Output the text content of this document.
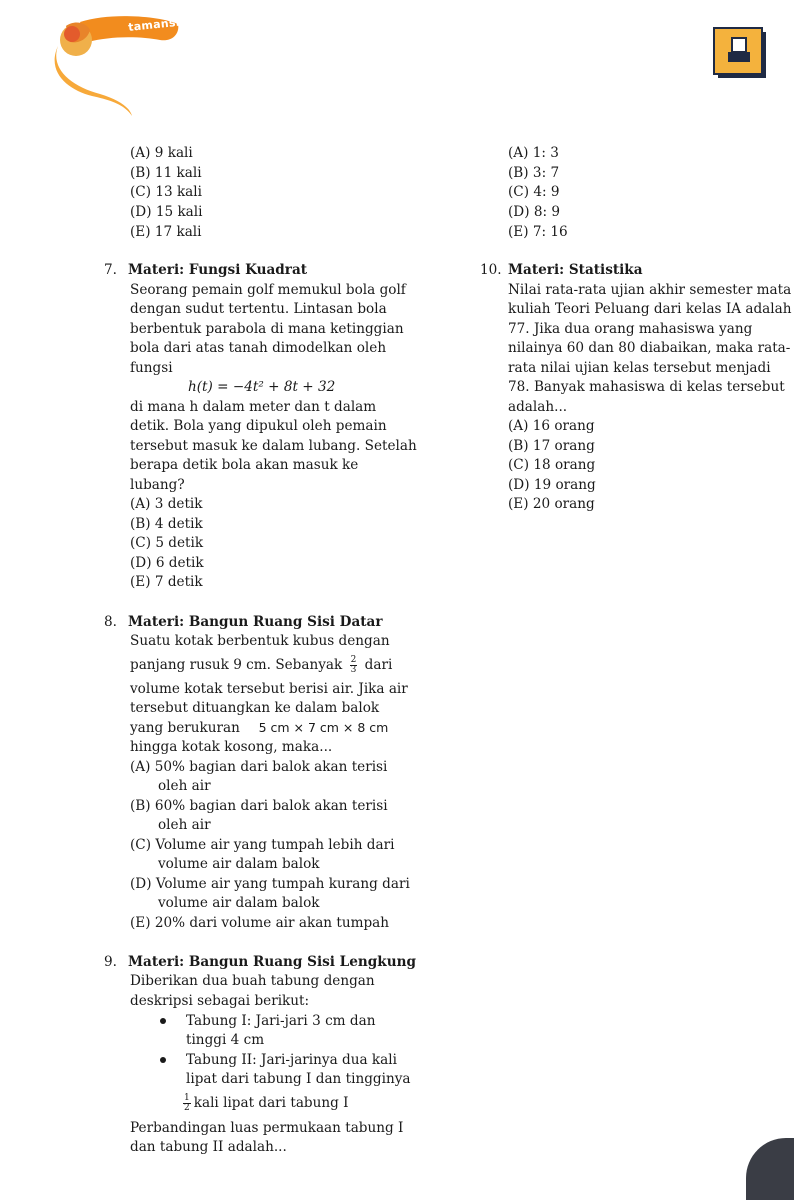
tamansiswa
(A) 9 kali
(B) 11 kali
(C) 13 kali
(D) 15 kali
(E) 17 kali
(A) 1: 3
(B) 3: 7
(C) 4: 9
(D) 8: 9
(E) 7: 16
7. Materi: Fungsi Kuadrat
Seorang pemain golf memukul bola golf
dengan sudut tertentu. Lintasan bola
berbentuk parabola di mana ketinggian
bola dari atas tanah dimodelkan oleh
fungsi
h(t) = −4t² + 8t + 32
di mana h dalam meter dan t dalam
detik. Bola yang dipukul oleh pemain
tersebut masuk ke dalam lubang. Setelah
berapa detik bola akan masuk ke
lubang?
(A) 3 detik
(B) 4 detik
(C) 5 detik
(D) 6 detik
(E) 7 detik
10. Materi: Statistika
Nilai rata-rata ujian akhir semester mata
kuliah Teori Peluang dari kelas IA adalah
77. Jika dua orang mahasiswa yang
nilainya 60 dan 80 diabaikan, maka rata-
rata nilai ujian kelas tersebut menjadi
78. Banyak mahasiswa di kelas tersebut
adalah...
(A) 16 orang
(B) 17 orang
(C) 18 orang
(D) 19 orang
(E) 20 orang
8. Materi: Bangun Ruang Sisi Datar
Suatu kotak berbentuk kubus dengan
panjang rusuk 9 cm. Sebanyak $\frac{2}{3}$ dari
volume kotak tersebut berisi air. Jika air
tersebut dituangkan ke dalam balok
yang berukuran 5 cm × 7 cm × 8 cm
hingga kotak kosong, maka...
(A) 50% bagian dari balok akan terisi
oleh air
(B) 60% bagian dari balok akan terisi
oleh air
(C) Volume air yang tumpah lebih dari
volume air dalam balok
(D) Volume air yang tumpah kurang dari
volume air dalam balok
(E) 20% dari volume air akan tumpah
9. Materi: Bangun Ruang Sisi Lengkung
Diberikan dua buah tabung dengan
deskripsi sebagai berikut:
Tabung I: Jari-jari 3 cm dan
tinggi 4 cm
Tabung II: Jari-jarinya dua kali
lipat dari tabung I dan tingginya
$\frac{1}{2}$ kali lipat dari tabung I
Perbandingan luas permukaan tabung I
dan tabung II adalah...
